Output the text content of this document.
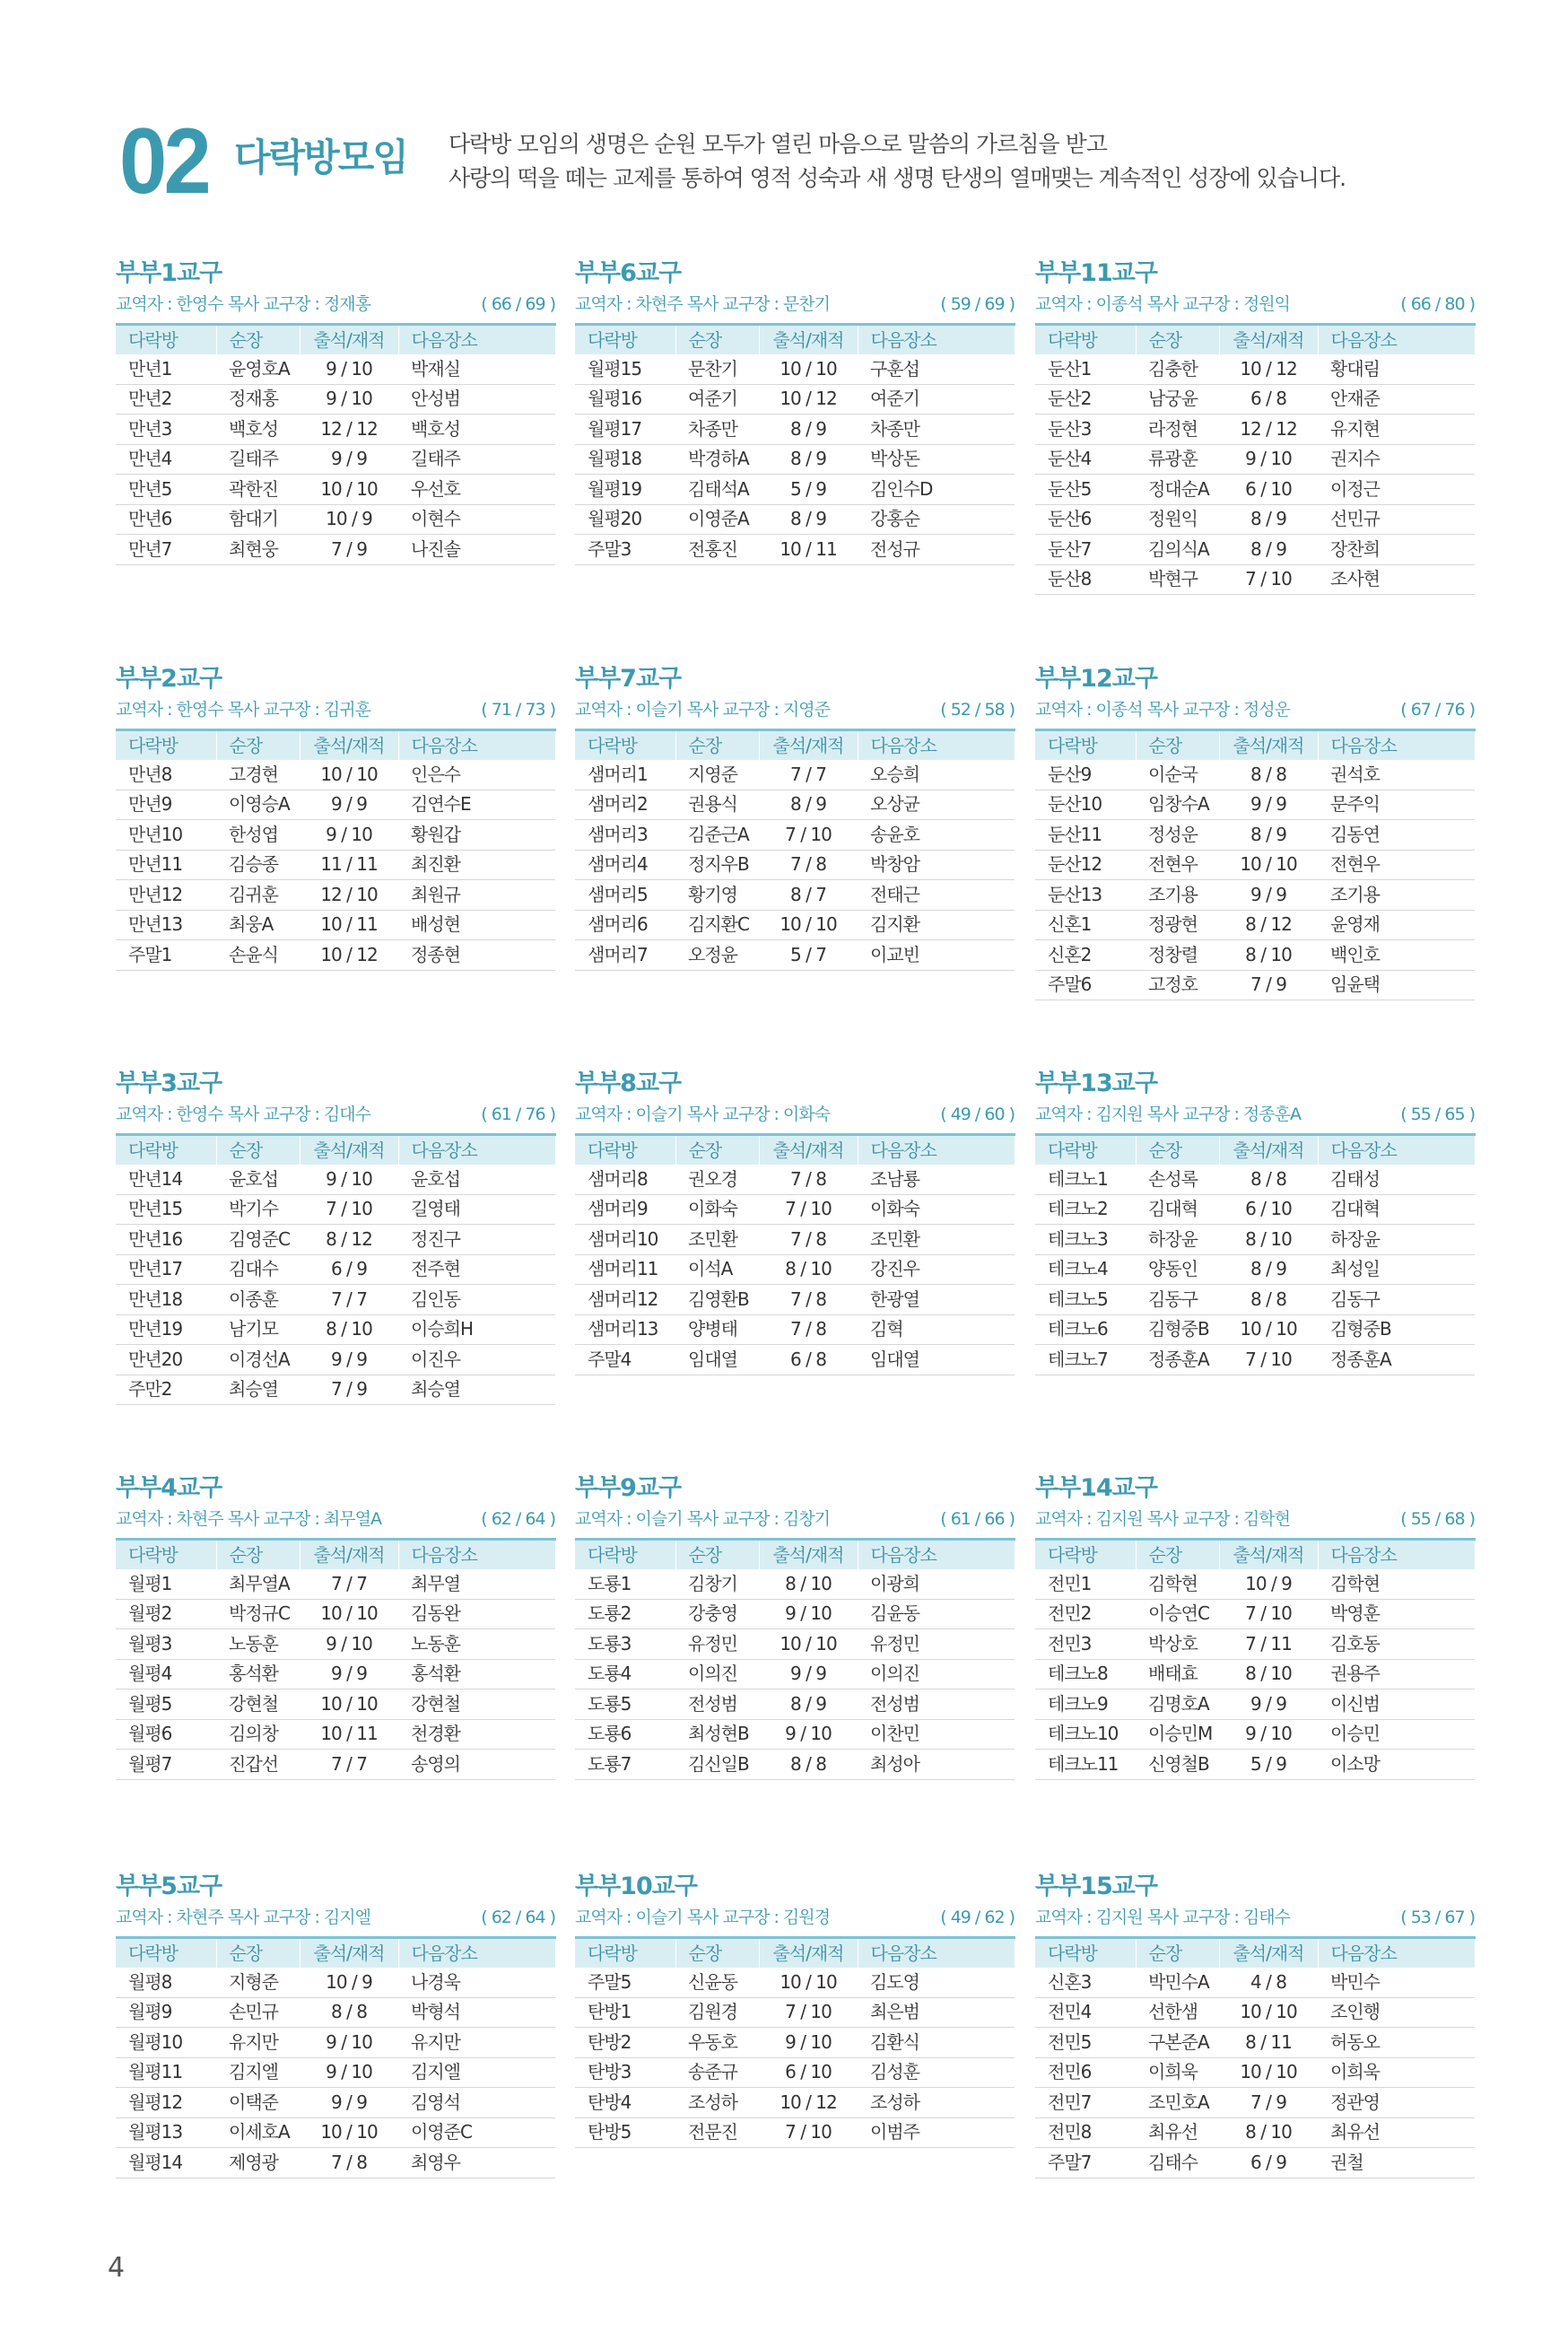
02 다락방모임 다락방 모임의 생명은 순원 모두가 열린 마음으로 말씀의 가르침을 받고
사랑의 떡을 떼는 교제를 통하여 영적 성숙과 새 생명 탄생의 열매맺는 계속적인 성장에 있습니다.
부부1교구
교역자 : 한영수 목사 교구장 : 정재홍	( 66 / 69 )
다락방	순장	출석/재적	다음장소
만년1	윤영호A	9 / 10	박재실
만년2	정재홍	9 / 10	안성범
만년3	백호성	12 / 12	백호성
만년4	길태주	9 / 9	길태주
만년5	곽한진	10 / 10	우선호
만년6	함대기	10 / 9	이현수
만년7	최현웅	7 / 9	나진솔
부부6교구
교역자 : 차현주 목사 교구장 : 문찬기	( 59 / 69 )
다락방	순장	출석/재적	다음장소
월평15	문찬기	10 / 10	구훈섭
월평16	여준기	10 / 12	여준기
월평17	차종만	8 / 9	차종만
월평18	박경하A	8 / 9	박상돈
월평19	김태석A	5 / 9	김인수D
월평20	이영준A	8 / 9	강홍순
주말3	전홍진	10 / 11	전성규
부부11교구
교역자 : 이종석 목사 교구장 : 정원익	( 66 / 80 )
다락방	순장	출석/재적	다음장소
둔산1	김충한	10 / 12	황대림
둔산2	남궁윤	6 / 8	안재준
둔산3	라정현	12 / 12	유지현
둔산4	류광훈	9 / 10	권지수
둔산5	정대순A	6 / 10	이정근
둔산6	정원익	8 / 9	선민규
둔산7	김의식A	8 / 9	장찬희
둔산8	박현구	7 / 10	조사현
부부2교구
교역자 : 한영수 목사 교구장 : 김귀훈	( 71 / 73 )
다락방	순장	출석/재적	다음장소
만년8	고경현	10 / 10	인은수
만년9	이영승A	9 / 9	김연수E
만년10	한성엽	9 / 10	황원갑
만년11	김승종	11 / 11	최진환
만년12	김귀훈	12 / 10	최원규
만년13	최웅A	10 / 11	배성현
주말1	손윤식	10 / 12	정종현
부부7교구
교역자 : 이슬기 목사 교구장 : 지영준	( 52 / 58 )
다락방	순장	출석/재적	다음장소
샘머리1	지영준	7 / 7	오승희
샘머리2	권용식	8 / 9	오상균
샘머리3	김준근A	7 / 10	송윤호
샘머리4	정지우B	7 / 8	박창암
샘머리5	황기영	8 / 7	전태근
샘머리6	김지환C	10 / 10	김지환
샘머리7	오정윤	5 / 7	이교빈
부부12교구
교역자 : 이종석 목사 교구장 : 정성운	( 67 / 76 )
다락방	순장	출석/재적	다음장소
둔산9	이순국	8 / 8	권석호
둔산10	임창수A	9 / 9	문주익
둔산11	정성운	8 / 9	김동연
둔산12	전현우	10 / 10	전현우
둔산13	조기용	9 / 9	조기용
신혼1	정광현	8 / 12	윤영재
신혼2	정창렬	8 / 10	백인호
주말6	고정호	7 / 9	임윤택
부부3교구
교역자 : 한영수 목사 교구장 : 김대수	( 61 / 76 )
다락방	순장	출석/재적	다음장소
만년14	윤호섭	9 / 10	윤호섭
만년15	박기수	7 / 10	길영태
만년16	김영준C	8 / 12	정진구
만년17	김대수	6 / 9	전주현
만년18	이종훈	7 / 7	김인동
만년19	남기모	8 / 10	이승희H
만년20	이경선A	9 / 9	이진우
주만2	최승열	7 / 9	최승열
부부8교구
교역자 : 이슬기 목사 교구장 : 이화숙	( 49 / 60 )
다락방	순장	출석/재적	다음장소
샘머리8	권오경	7 / 8	조남룡
샘머리9	이화숙	7 / 10	이화숙
샘머리10	조민환	7 / 8	조민환
샘머리11	이석A	8 / 10	강진우
샘머리12	김영환B	7 / 8	한광열
샘머리13	양병태	7 / 8	김혁
주말4	임대열	6 / 8	임대열
부부13교구
교역자 : 김지원 목사 교구장 : 정종훈A	( 55 / 65 )
다락방	순장	출석/재적	다음장소
테크노1	손성록	8 / 8	김태성
테크노2	김대혁	6 / 10	김대혁
테크노3	하장윤	8 / 10	하장윤
테크노4	양동인	8 / 9	최성일
테크노5	김동구	8 / 8	김동구
테크노6	김형중B	10 / 10	김형중B
테크노7	정종훈A	7 / 10	정종훈A
부부4교구
교역자 : 차현주 목사 교구장 : 최무열A	( 62 / 64 )
다락방	순장	출석/재적	다음장소
월평1	최무열A	7 / 7	최무열
월평2	박정규C	10 / 10	김동완
월평3	노동훈	9 / 10	노동훈
월평4	홍석환	9 / 9	홍석환
월평5	강현철	10 / 10	강현철
월평6	김의창	10 / 11	천경환
월평7	진갑선	7 / 7	송영의
부부9교구
교역자 : 이슬기 목사 교구장 : 김창기	( 61 / 66 )
다락방	순장	출석/재적	다음장소
도룡1	김창기	8 / 10	이광희
도룡2	강충영	9 / 10	김윤동
도룡3	유정민	10 / 10	유정민
도룡4	이의진	9 / 9	이의진
도룡5	전성범	8 / 9	전성범
도룡6	최성현B	9 / 10	이찬민
도룡7	김신일B	8 / 8	최성아
부부14교구
교역자 : 김지원 목사 교구장 : 김학현	( 55 / 68 )
다락방	순장	출석/재적	다음장소
전민1	김학현	10 / 9	김학현
전민2	이승연C	7 / 10	박영훈
전민3	박상호	7 / 11	김호동
테크노8	배태효	8 / 10	권용주
테크노9	김명호A	9 / 9	이신범
테크노10	이승민M	9 / 10	이승민
테크노11	신영철B	5 / 9	이소망
부부5교구
교역자 : 차현주 목사 교구장 : 김지엘	( 62 / 64 )
다락방	순장	출석/재적	다음장소
월평8	지형준	10 / 9	나경욱
월평9	손민규	8 / 8	박형석
월평10	유지만	9 / 10	유지만
월평11	김지엘	9 / 10	김지엘
월평12	이택준	9 / 9	김영석
월평13	이세호A	10 / 10	이영준C
월평14	제영광	7 / 8	최영우
부부10교구
교역자 : 이슬기 목사 교구장 : 김원경	( 49 / 62 )
다락방	순장	출석/재적	다음장소
주말5	신윤동	10 / 10	김도영
탄방1	김원경	7 / 10	최은범
탄방2	우동호	9 / 10	김환식
탄방3	송준규	6 / 10	김성훈
탄방4	조성하	10 / 12	조성하
탄방5	전문진	7 / 10	이범주
부부15교구
교역자 : 김지원 목사 교구장 : 김태수	( 53 / 67 )
다락방	순장	출석/재적	다음장소
신혼3	박민수A	4 / 8	박민수
전민4	선한샘	10 / 10	조인행
전민5	구본준A	8 / 11	허동오
전민6	이희욱	10 / 10	이희욱
전민7	조민호A	7 / 9	정관영
전민8	최유선	8 / 10	최유선
주말7	김태수	6 / 9	권철
4
